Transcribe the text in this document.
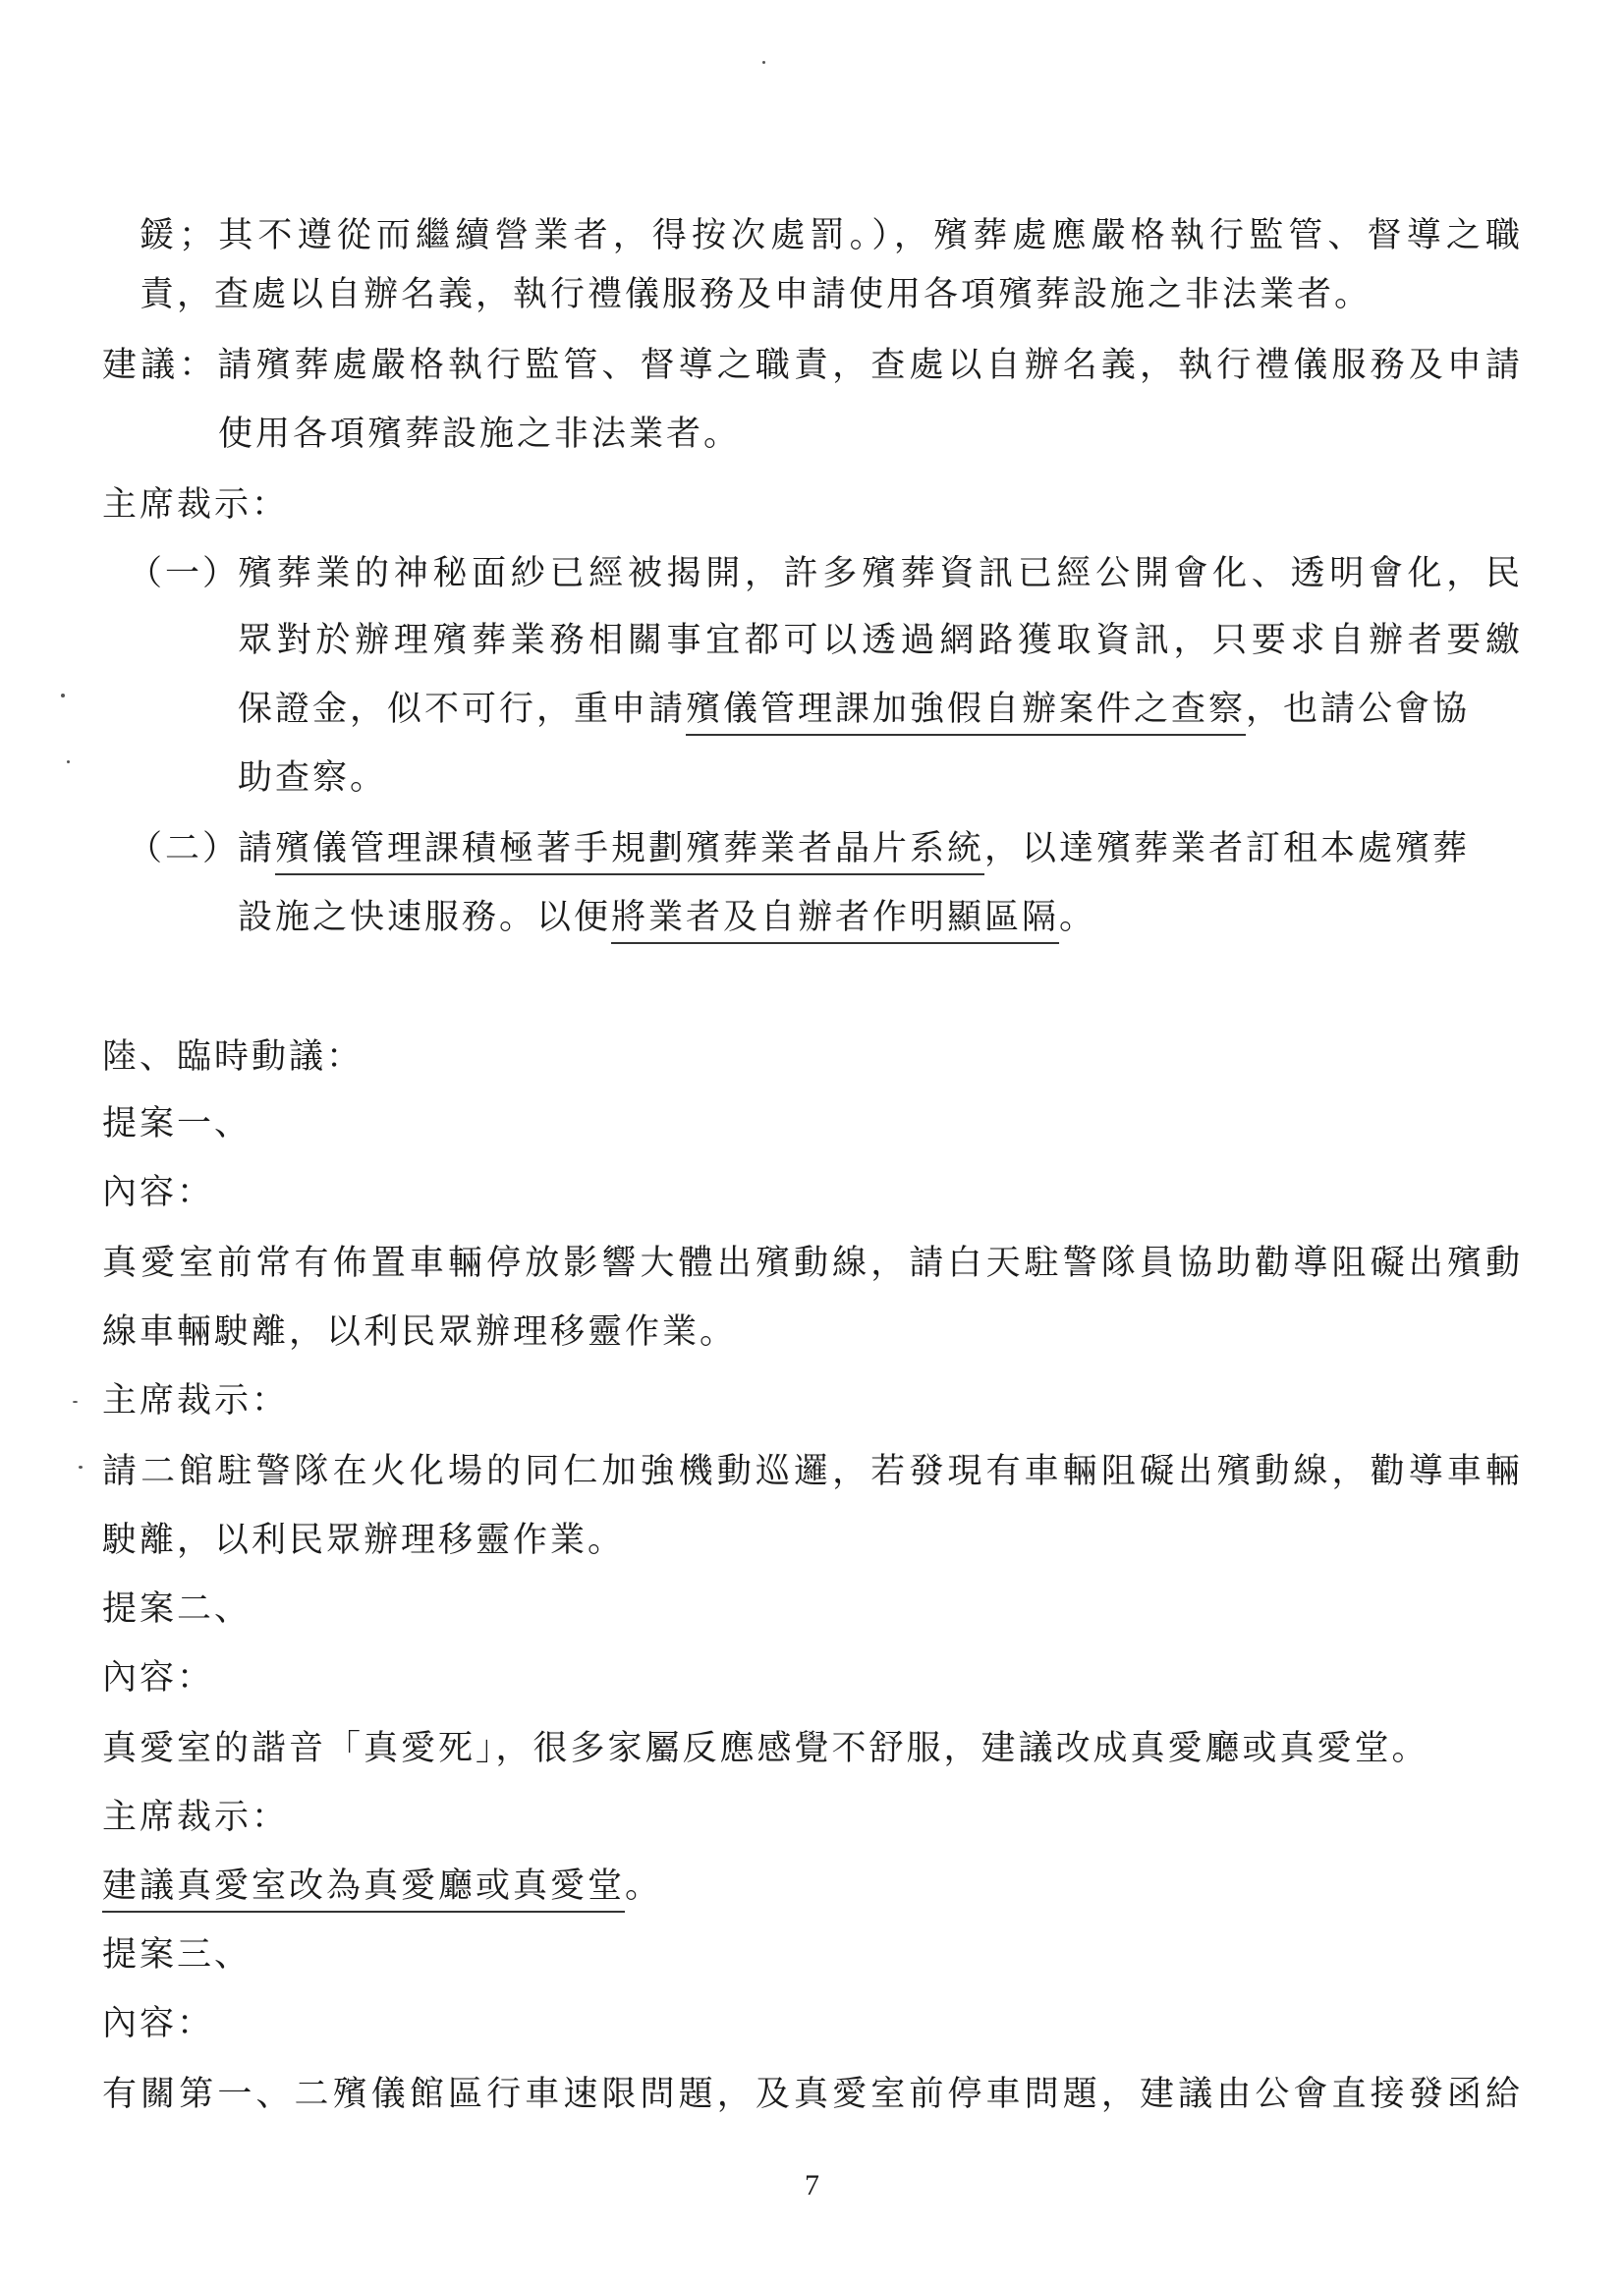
鍰；其不遵從而繼續營業者，得按次處罰。），殯葬處應嚴格執行監管、督導之職
責，查處以自辦名義，執行禮儀服務及申請使用各項殯葬設施之非法業者。
建議：請殯葬處嚴格執行監管、督導之職責，查處以自辦名義，執行禮儀服務及申請
使用各項殯葬設施之非法業者。
主席裁示：
（一）
殯葬業的神秘面紗已經被揭開，許多殯葬資訊已經公開會化、透明會化，民
眾對於辦理殯葬業務相關事宜都可以透過網路獲取資訊，只要求自辦者要繳
保證金，似不可行，重申請殯儀管理課加強假自辦案件之查察，也請公會協
助查察。
（二）
請殯儀管理課積極著手規劃殯葬業者晶片系統，以達殯葬業者訂租本處殯葬
設施之快速服務。以便將業者及自辦者作明顯區隔。
陸、臨時動議：
提案一、
內容：
真愛室前常有佈置車輛停放影響大體出殯動線，請白天駐警隊員協助勸導阻礙出殯動
線車輛駛離，以利民眾辦理移靈作業。
主席裁示：
請二館駐警隊在火化場的同仁加強機動巡邏，若發現有車輛阻礙出殯動線，勸導車輛
駛離，以利民眾辦理移靈作業。
提案二、
內容：
真愛室的諧音「真愛死」，很多家屬反應感覺不舒服，建議改成真愛廳或真愛堂。
主席裁示：
建議真愛室改為真愛廳或真愛堂。
提案三、
內容：
有關第一、二殯儀館區行車速限問題，及真愛室前停車問題，建議由公會直接發函給
7
